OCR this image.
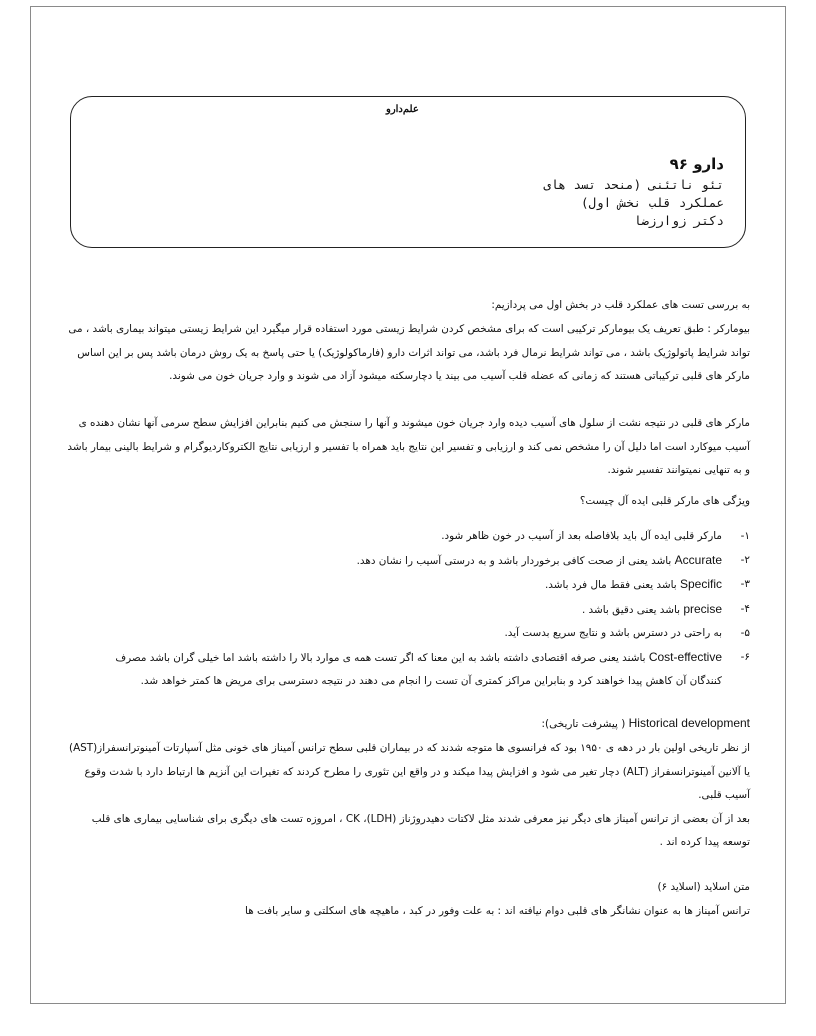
علم‌دارو
دارو ۹۶
تئو ناتئنی (منحد تسد های
عملکرد قلب نخش اول)
دکتر زوارزضا

به بررسی تست های عملکرد قلب در بخش اول می پردازیم:

بیومارکر : طبق تعریف یک بیومارکر ترکیبی است که برای مشخص کردن شرایط زیستی مورد استفاده قرار میگیرد این شرایط زیستی میتواند بیماری باشد ، می

تواند شرایط پاتولوژیک باشد ، می تواند شرایط نرمال فرد باشد، می تواند اثرات دارو (فارماکولوژیک) یا حتی پاسخ به یک روش درمان باشد پس بر این اساس

مارکر های قلبی ترکیباتی هستند که زمانی که عضله قلب آسیب می بیند یا دچارسکته میشود آزاد می شوند و وارد جریان خون می شوند.

مارکر های قلبی در نتیجه نشت از سلول های آسیب دیده وارد جریان خون میشوند و آنها را سنجش می کنیم بنابراین افزایش سطح سرمی آنها نشان دهنده ی

آسیب میوکارد است اما دلیل آن را مشخص نمی کند و ارزیابی و تفسیر این نتایج باید همراه با تفسیر و ارزیابی نتایج الکتروکاردیوگرام و شرایط بالینی بیمار باشد

و به تنهایی نمیتوانند تفسیر شوند.

ویژگی های مارکر قلبی ایده آل چیست؟

۱-
مارکر قلبی ایده آل باید بلافاصله بعد از آسیب در خون ظاهر شود.
۲-
Accurate باشد یعنی از صحت کافی برخوردار باشد و به درستی آسیب را نشان دهد.
۳-
Specific باشد یعنی فقط مال فرد باشد.
۴-
precise باشد یعنی دقیق باشد .
۵-
به راحتی در دسترس باشد و نتایج سریع بدست آید.
۶-
Cost-effective باشند یعنی صرفه اقتصادی داشته باشد به این معنا که اگر تست همه ی موارد بالا را داشته باشد اما خیلی گران باشد مصرف
کنندگان آن کاهش پیدا خواهند کرد و بنابراین مراکز کمتری آن تست را انجام می دهند در نتیجه دسترسی برای مریض ها کمتر خواهد شد.

Historical development ( پیشرفت تاریخی):

از نظر تاریخی اولین بار در دهه ی ۱۹۵۰ بود که فرانسوی ها متوجه شدند که در بیماران قلبی سطح ترانس آمیناز های خونی مثل آسپارتات آمینوترانسفراز(AST)

یا آلانین آمینوترانسفراز (ALT) دچار تغیر می شود و افزایش پیدا میکند و در واقع این تئوری را مطرح کردند که تغیرات این آنزیم ها ارتباط دارد با شدت وقوع

آسیب قلبی.

بعد از آن بعضی از ترانس آمیناز های دیگر نیز معرفی شدند مثل لاکتات دهیدروژناز (LDH)، CK ، امروزه تست های دیگری برای شناسایی بیماری های قلب

توسعه پیدا کرده اند .

متن اسلاید (اسلاید ۶)

ترانس آمیناز ها به عنوان نشانگر های قلبی دوام نیافته اند : به علت وفور در کبد ، ماهیچه های اسکلتی و سایر بافت ها
